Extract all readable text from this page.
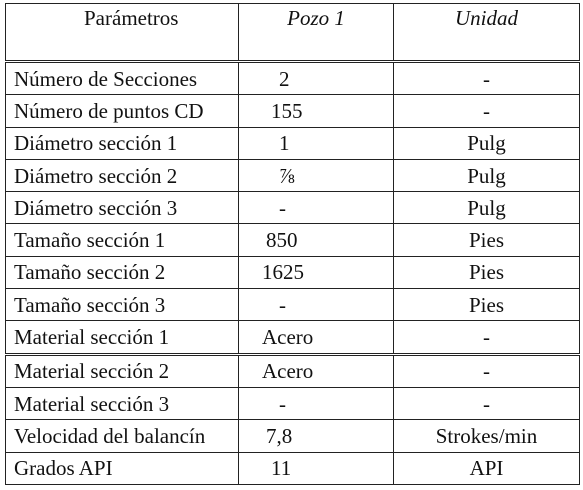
Parámetros	Pozo 1	Unidad
Número de Secciones	2	-
Número de puntos CD	155	-
Diámetro sección 1	1	Pulg
Diámetro sección 2	⅞	Pulg
Diámetro sección 3	-	Pulg
Tamaño sección 1	850	Pies
Tamaño sección 2	1625	Pies
Tamaño sección 3	-	Pies
Material sección 1	Acero	-
Material sección 2	Acero	-
Material sección 3	-	-
Velocidad del balancín	7,8	Strokes/min
Grados API	11	API
